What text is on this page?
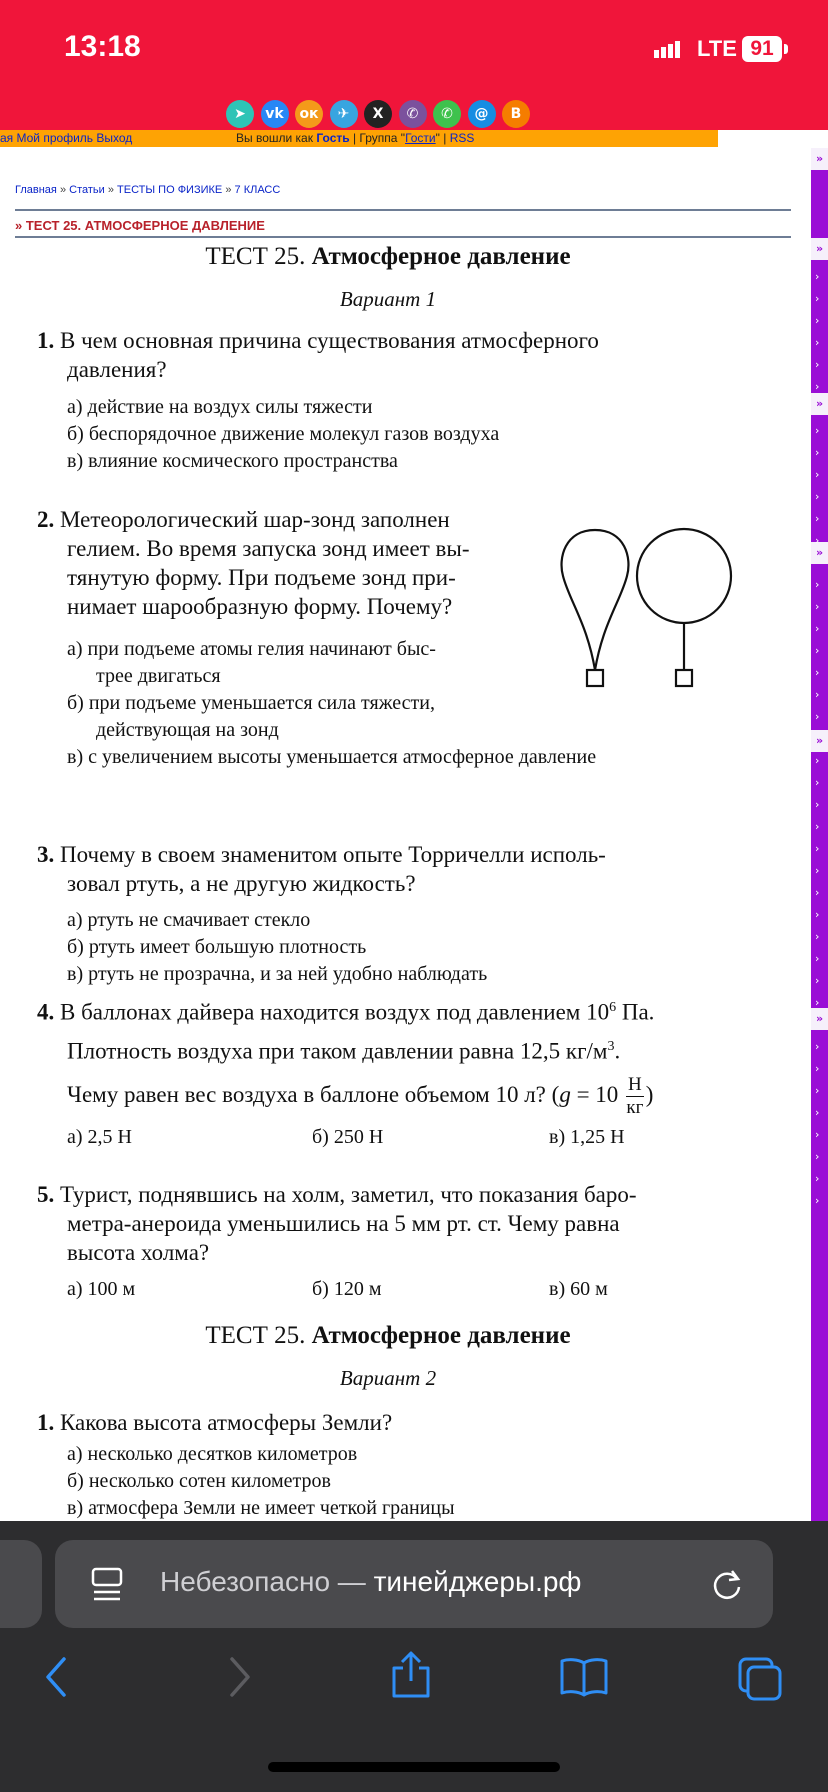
13:18	LTE 91
➤	vk	ок	✈	X	✆	✆	@	B
ая Мой профиль Выход	Вы вошли как Гость | Группа "Гости" | RSS
»
»
»
»
»
»
›
›
›
›
›
›
›
›
›
›
›
›
›
›
›
›
›
›
›
›
›
›
›
›
›
›
›
›
›
›
›
›
›
›
›
›
›
›
›
Главная » Статьи » ТЕСТЫ ПО ФИЗИКЕ » 7 КЛАСС
» ТЕСТ 25. АТМОСФЕРНОЕ ДАВЛЕНИЕ
ТЕСТ 25. Атмосферное давление
Вариант 1
1. В чем основная причина существования атмосферного
давления?
а) действие на воздух силы тяжести
б) беспорядочное движение молекул газов воздуха
в) влияние космического пространства
2. Метеорологический шар-зонд заполнен
гелием. Во время запуска зонд имеет вы-
тянутую форму. При подъеме зонд при-
нимает шарообразную форму. Почему?
а) при подъеме атомы гелия начинают быс-
трее двигаться
б) при подъеме уменьшается сила тяжести,
действующая на зонд
в) с увеличением высоты уменьшается атмосферное давление
3. Почему в своем знаменитом опыте Торричелли исполь-
зовал ртуть, а не другую жидкость?
а) ртуть не смачивает стекло
б) ртуть имеет большую плотность
в) ртуть не прозрачна, и за ней удобно наблюдать
4. В баллонах дайвера находится воздух под давлением $10^6$ Па.
Плотность воздуха при таком давлении равна 12,5 $кг/м^3$.
Чему равен вес воздуха в баллоне объемом 10 л? (g = 10 Н
кг
)
а) 2,5 Н	б) 250 Н	в) 1,25 Н
5. Турист, поднявшись на холм, заметил, что показания баро-
метра-анероида уменьшились на 5 мм рт. ст. Чему равна
высота холма?
а) 100 м	б) 120 м	в) 60 м
ТЕСТ 25. Атмосферное давление
Вариант 2
1. Какова высота атмосферы Земли?
а) несколько десятков километров
б) несколько сотен километров
в) атмосфера Земли не имеет четкой границы
Небезопасно — тинейджеры.рф
